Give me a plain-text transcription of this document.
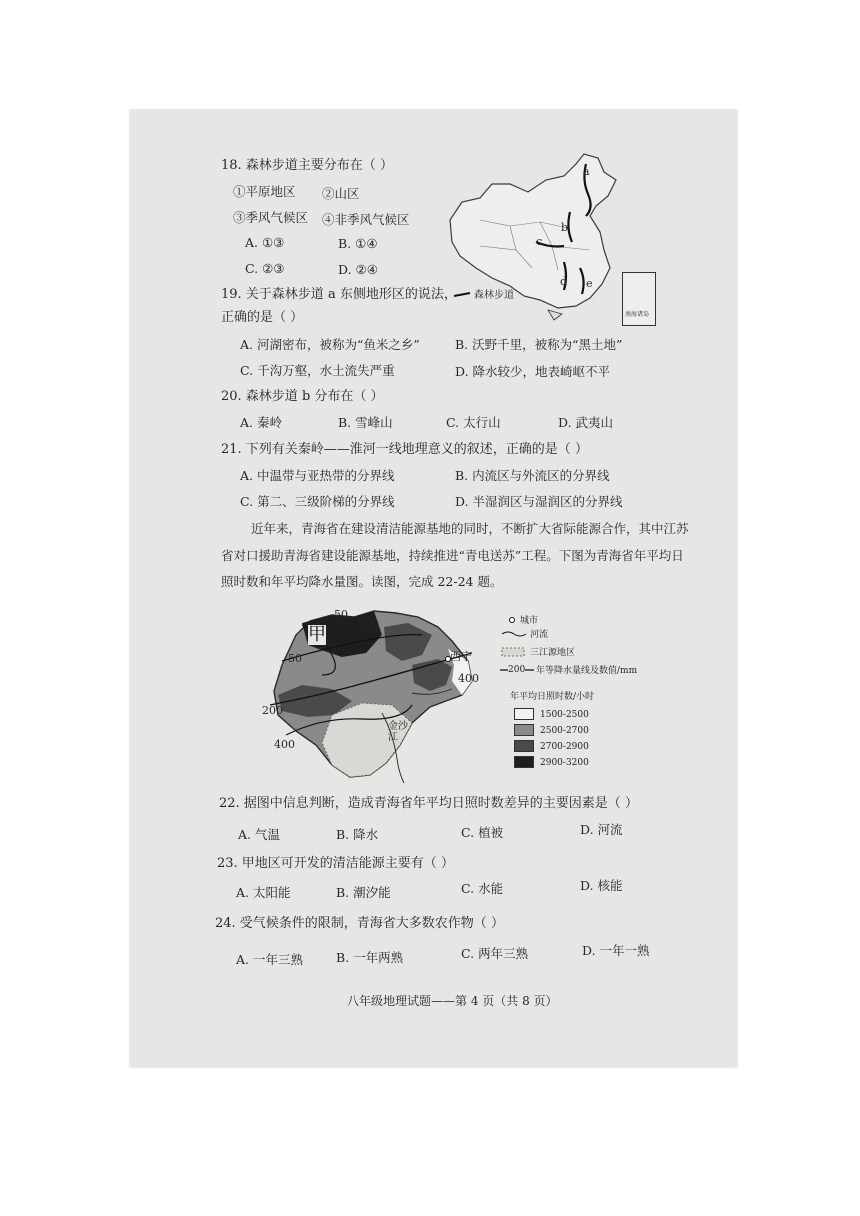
18. 森林步道主要分布在（ ）
①平原地区 ②山区
③季风气候区 ④非季风气候区
A. ①③	B. ①④
C. ②③	D. ②④
a
b
c
d e
森林步道
南海诸岛
19. 关于森林步道 a 东侧地形区的说法，
正确的是（ ）
A. 河湖密布，被称为“鱼米之乡”	B. 沃野千里，被称为“黑土地”
C. 千沟万壑，水土流失严重	D. 降水较少，地表崎岖不平
20. 森林步道 b 分布在（ ）
A. 秦岭	B. 雪峰山	C. 太行山	D. 武夷山
21. 下列有关秦岭——淮河一线地理意义的叙述，正确的是（ ）
A. 中温带与亚热带的分界线	B. 内流区与外流区的分界线
C. 第二、三级阶梯的分界线	D. 半湿润区与湿润区的分界线
近年来，青海省在建设清洁能源基地的同时，不断扩大省际能源合作，其中江苏
省对口援助青海省建设能源基地，持续推进“青电送苏”工程。下图为青海省年平均日
照时数和年平均降水量图。读图，完成 22-24 题。
甲
西宁
50
200
50
400
200
400
金沙江
城市
河流
三江源地区
200 年等降水量线及数值/mm
年平均日照时数/小时
1500-2500
2500-2700
2700-2900
2900-3200
22. 据图中信息判断，造成青海省年平均日照时数差异的主要因素是（ ）
A. 气温	B. 降水	C. 植被	D. 河流
23. 甲地区可开发的清洁能源主要有（ ）
A. 太阳能	B. 潮汐能	C. 水能	D. 核能
24. 受气候条件的限制，青海省大多数农作物（ ）
A. 一年三熟	B. 一年两熟	C. 两年三熟	D. 一年一熟
八年级地理试题——第 4 页（共 8 页）
